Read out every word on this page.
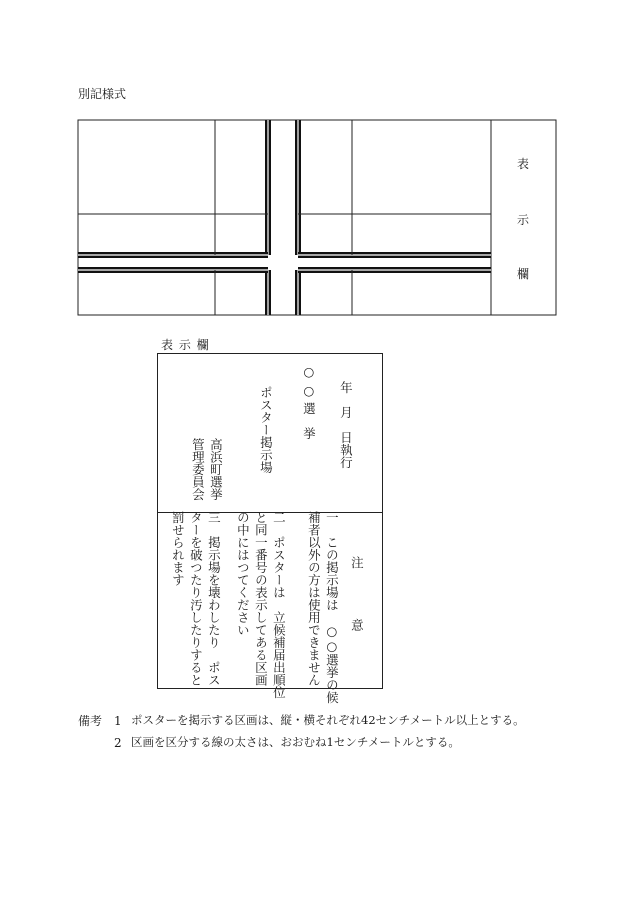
別記様式
表
示
欄
表 示 欄
年　月　日執行
○ ○ 選　挙
ポスター掲示場
高浜町選挙
管理委員会
注　　　　意
一　この掲示場は　○○選挙の候
補者以外の方は使用できません
二　ポスターは　立候補届出順位
と同一番号の表示してある区画
の中にはつてください
三　掲示場を壊わしたり　ポス
ターを破つたり汚したりすると
罰せられます
備考 1 ポスターを掲示する区画は、縦・横それぞれ42センチメートル以上とする。
2 区画を区分する線の太さは、おおむね1センチメートルとする。
